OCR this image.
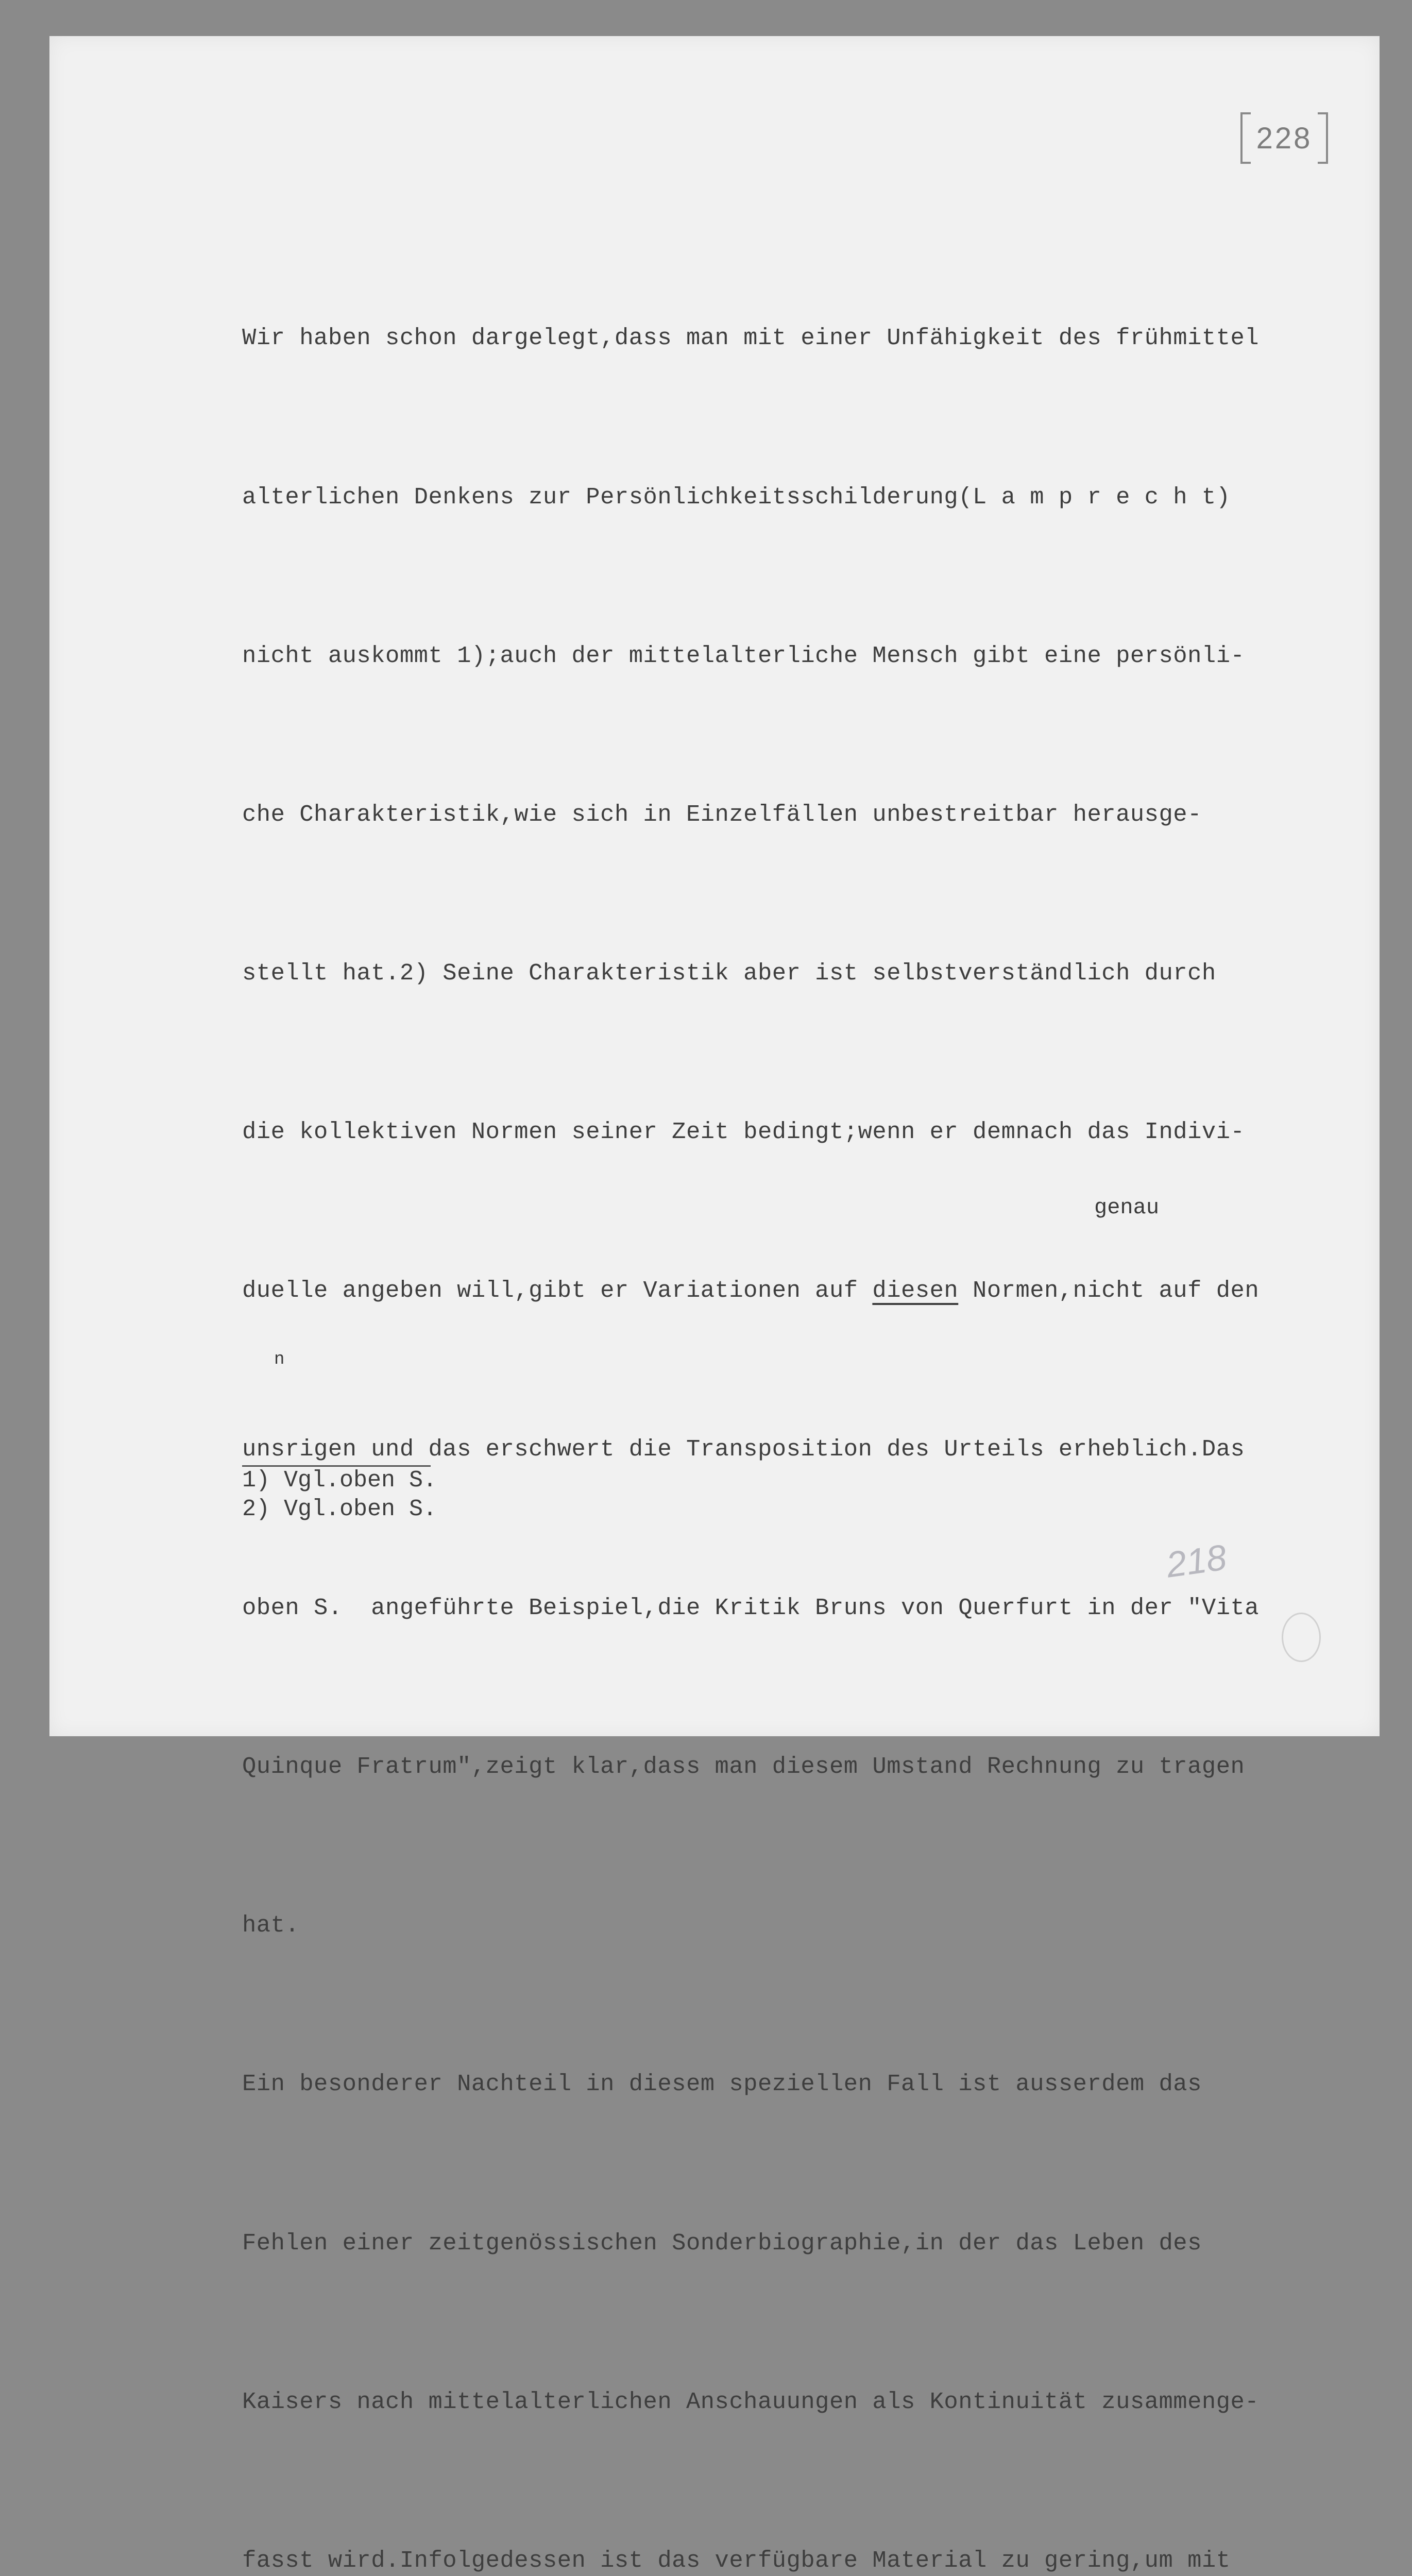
228

Wir haben schon dargelegt,dass man mit einer Unfähigkeit des frühmittel

alterlichen Denkens zur Persönlichkeitsschilderung(L a m p r e c h t)

nicht auskommt 1);auch der mittelalterliche Mensch gibt eine persönli-

che Charakteristik,wie sich in Einzelfällen unbestreitbar herausge-

stellt hat.2) Seine Charakteristik aber ist selbstverständlich durch

die kollektiven Normen seiner Zeit bedingt;wenn er demnach das Indivi-

duelle angeben will,gibt er Variationen auf diesen Normen,nicht auf den

unsrigen und das erschwert die Transposition des Urteils erheblich.Das

oben S.  angeführte Beispiel,die Kritik Bruns von Querfurt in der "Vita

Quinque Fratrum",zeigt klar,dass man diesem Umstand Rechnung zu tragen

hat.

Ein besonderer Nachteil in diesem speziellen Fall ist ausserdem das

Fehlen einer zeitgenössischen Sonderbiographie,in der das Leben des

Kaisers nach mittelalterlichen Anschauungen als Kontinuität zusammenge-

fasst wird.Infolgedessen ist das verfügbare Material zu gering,um mit

genau
n
1) Vgl.oben S.
2) Vgl.oben S.
218
